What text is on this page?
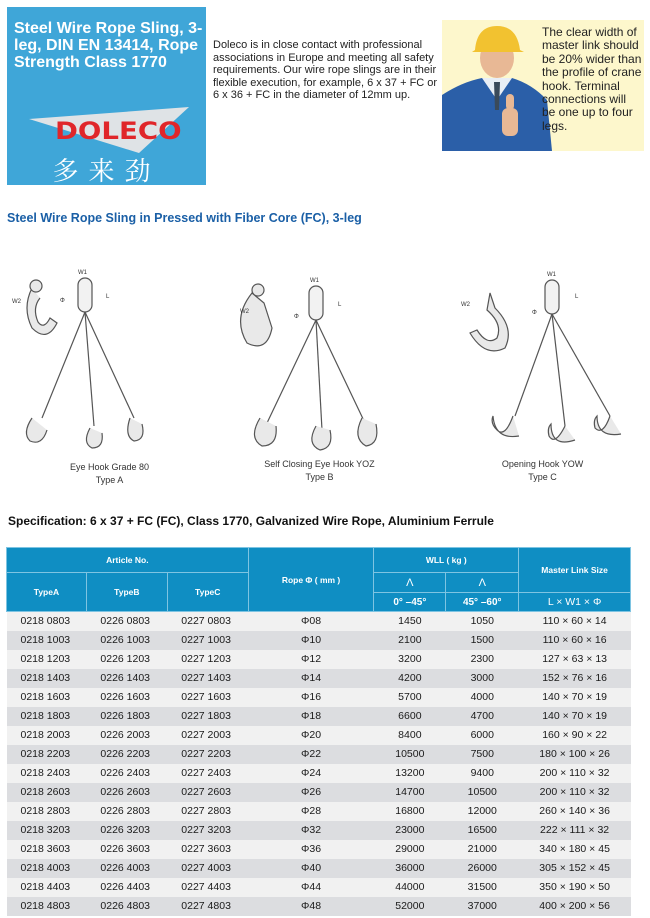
Steel Wire Rope Sling, 3-leg, DIN EN 13414, Rope Strength Class 1770
DOLECO
多来劲
Doleco is in close contact with professional associations in Europe and meeting all safety requirements. Our wire rope slings are in their flexible execution, for example, 6 x 37 + FC or 6 x 36 + FC in the diameter of 12mm up.
The clear width of master link should be 20% wider than the profile of crane hook. Terminal connections will be one up to four legs.
Steel Wire Rope Sling in Pressed with Fiber Core (FC), 3-leg
W1
W2	Φ
L
Eye Hook Grade 80
Type A
W1
W2
Φ
L
Self Closing Eye Hook YOZ
Type B
W1
W2
Φ
L
Opening Hook YOW
Type C
Specification: 6 x 37 + FC (FC), Class 1770, Galvanized Wire Rope, Aluminium Ferrule
Article No.			Rope Φ ( mm )	WLL ( kg )		Master Link Size
TypeA	TypeB	TypeC		Λ	Λ	
				0° –45°	45° –60°	L × W1 × Φ
0218 0803	0226 0803	0227 0803	Φ08	1450	1050	110 × 60 × 14
0218 1003	0226 1003	0227 1003	Φ10	2100	1500	110 × 60 × 16
0218 1203	0226 1203	0227 1203	Φ12	3200	2300	127 × 63 × 13
0218 1403	0226 1403	0227 1403	Φ14	4200	3000	152 × 76 × 16
0218 1603	0226 1603	0227 1603	Φ16	5700	4000	140 × 70 × 19
0218 1803	0226 1803	0227 1803	Φ18	6600	4700	140 × 70 × 19
0218 2003	0226 2003	0227 2003	Φ20	8400	6000	160 × 90 × 22
0218 2203	0226 2203	0227 2203	Φ22	10500	7500	180 × 100 × 26
0218 2403	0226 2403	0227 2403	Φ24	13200	9400	200 × 110 × 32
0218 2603	0226 2603	0227 2603	Φ26	14700	10500	200 × 110 × 32
0218 2803	0226 2803	0227 2803	Φ28	16800	12000	260 × 140 × 36
0218 3203	0226 3203	0227 3203	Φ32	23000	16500	222 × 111 × 32
0218 3603	0226 3603	0227 3603	Φ36	29000	21000	340 × 180 × 45
0218 4003	0226 4003	0227 4003	Φ40	36000	26000	305 × 152 × 45
0218 4403	0226 4403	0227 4403	Φ44	44000	31500	350 × 190 × 50
0218 4803	0226 4803	0227 4803	Φ48	52000	37000	400 × 200 × 56
